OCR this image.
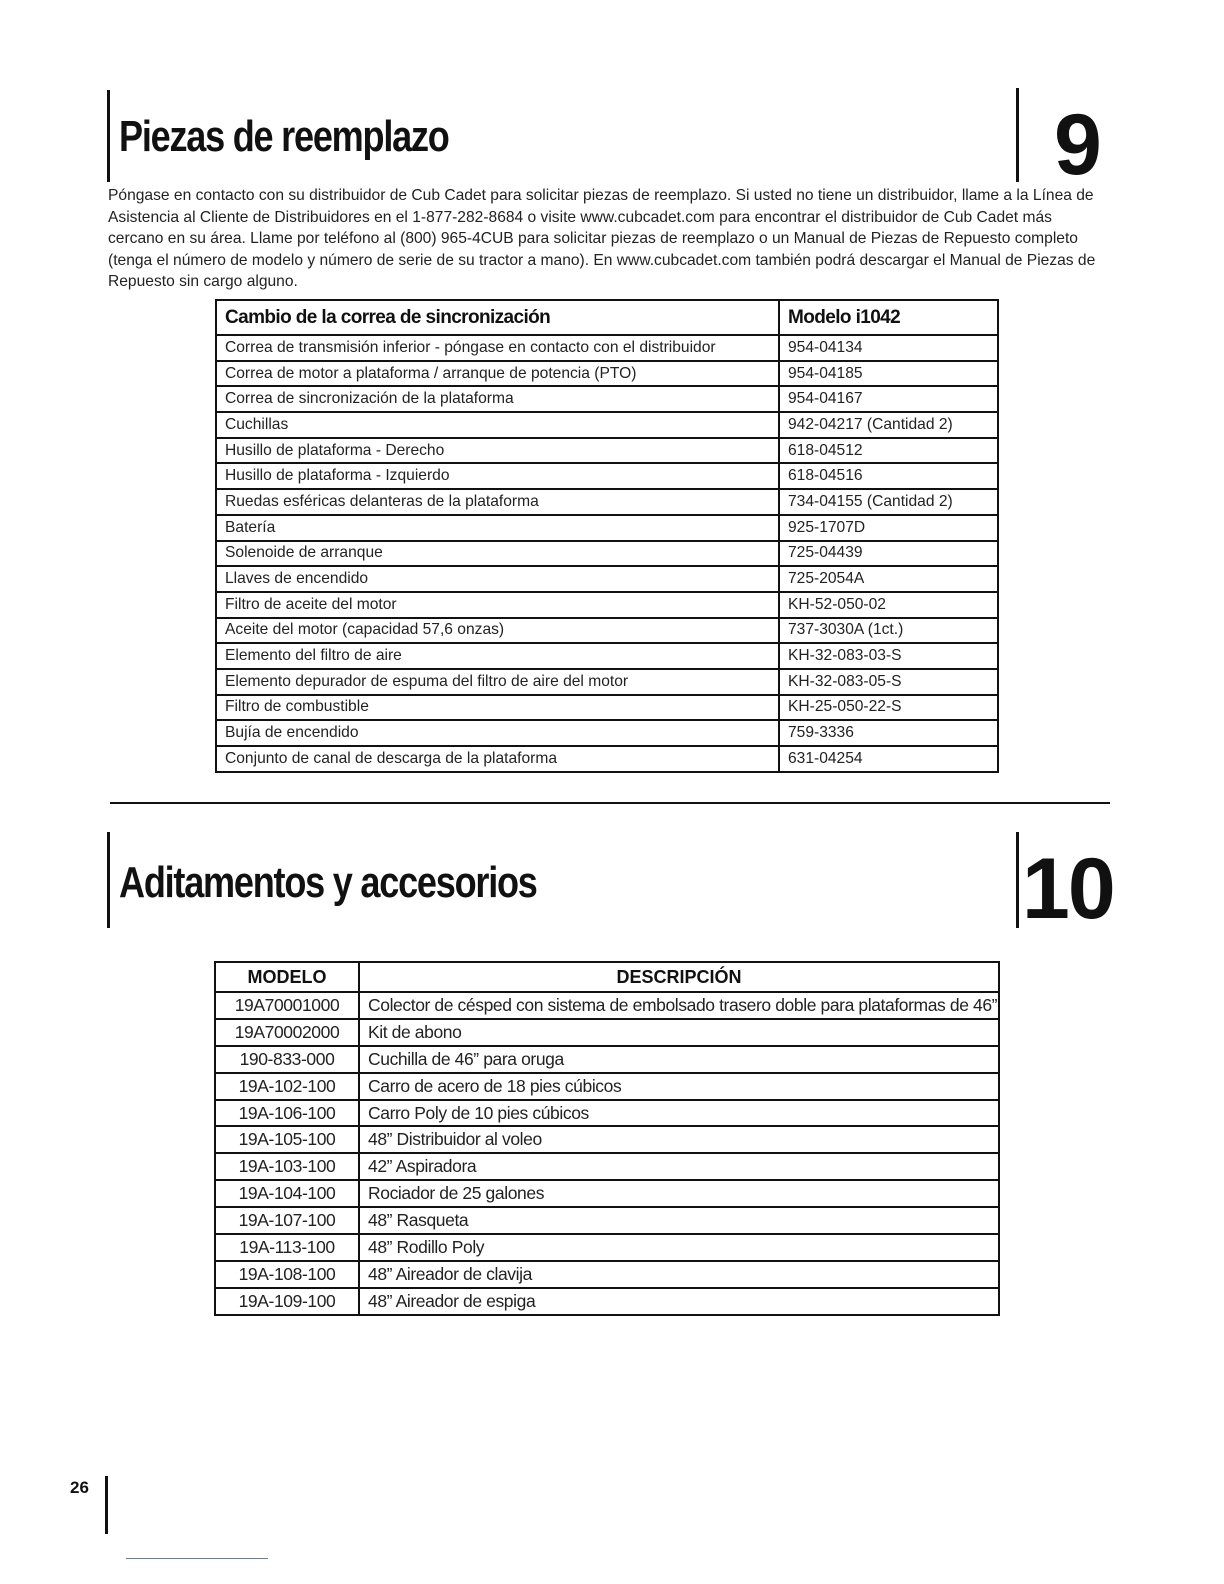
Piezas de reemplazo	9

Póngase en contacto con su distribuidor de Cub Cadet para solicitar piezas de reemplazo. Si usted no tiene un distribuidor, llame a la Línea de Asistencia al Cliente de Distribuidores en el 1-877-282-8684 o visite www.cubcadet.com para encontrar el distribuidor de Cub Cadet más cercano en su área. Llame por teléfono al (800) 965-4CUB para solicitar piezas de reemplazo o un Manual de Piezas de Repuesto completo (tenga el número de modelo y número de serie de su tractor a mano). En www.cubcadet.com también podrá descargar el Manual de Piezas de Repuesto sin cargo alguno.

Cambio de la correa de sincronización	Modelo i1042
Correa de transmisión inferior - póngase en contacto con el distribuidor	954-04134
Correa de motor a plataforma / arranque de potencia (PTO)	954-04185
Correa de sincronización de la plataforma	954-04167
Cuchillas	942-04217 (Cantidad 2)
Husillo de plataforma - Derecho	618-04512
Husillo de plataforma - Izquierdo	618-04516
Ruedas esféricas delanteras de la plataforma	734-04155 (Cantidad 2)
Batería	925-1707D
Solenoide de arranque	725-04439
Llaves de encendido	725-2054A
Filtro de aceite del motor	KH-52-050-02
Aceite del motor (capacidad 57,6 onzas)	737-3030A (1ct.)
Elemento del filtro de aire	KH-32-083-03-S
Elemento depurador de espuma del filtro de aire del motor	KH-32-083-05-S
Filtro de combustible	KH-25-050-22-S
Bujía de encendido	759-3336
Conjunto de canal de descarga de la plataforma	631-04254
Aditamentos y accesorios	10
MODELO	DESCRIPCIÓN
19A70001000	Colector de césped con sistema de embolsado trasero doble para plataformas de 46”
19A70002000	Kit de abono
190-833-000	Cuchilla de 46” para oruga
19A-102-100	Carro de acero de 18 pies cúbicos
19A-106-100	Carro Poly de 10 pies cúbicos
19A-105-100	48” Distribuidor al voleo
19A-103-100	42” Aspiradora
19A-104-100	Rociador de 25 galones
19A-107-100	48” Rasqueta
19A-113-100	48” Rodillo Poly
19A-108-100	48” Aireador de clavija
19A-109-100	48” Aireador de espiga
26
